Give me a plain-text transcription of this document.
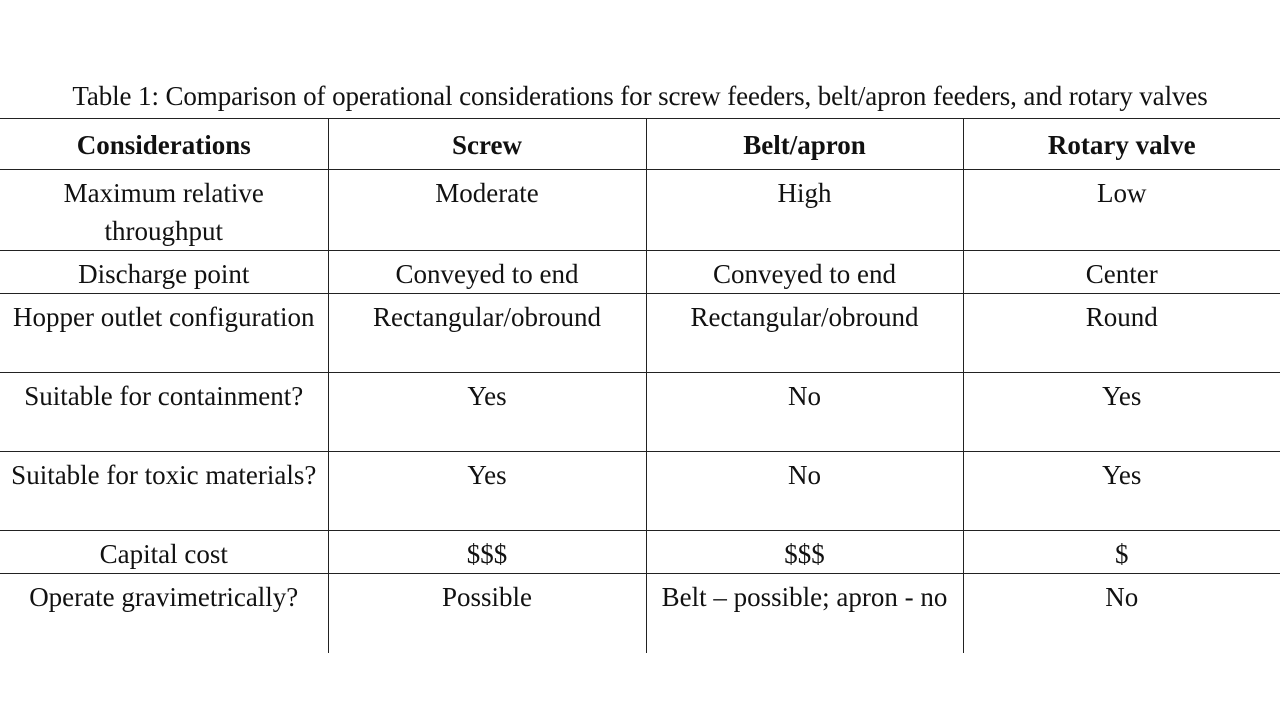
Table 1: Comparison of operational considerations for screw feeders, belt/apron feeders, and rotary valves
Considerations	Screw	Belt/apron	Rotary valve
Maximum relative throughput	Moderate	High	Low
Discharge point	Conveyed to end	Conveyed to end	Center
Hopper outlet configuration	Rectangular/obround	Rectangular/obround	Round
Suitable for containment?	Yes	No	Yes
Suitable for toxic materials?	Yes	No	Yes
Capital cost	$$$	$$$	$
Operate gravimetrically?	Possible	Belt – possible; apron - no	No
